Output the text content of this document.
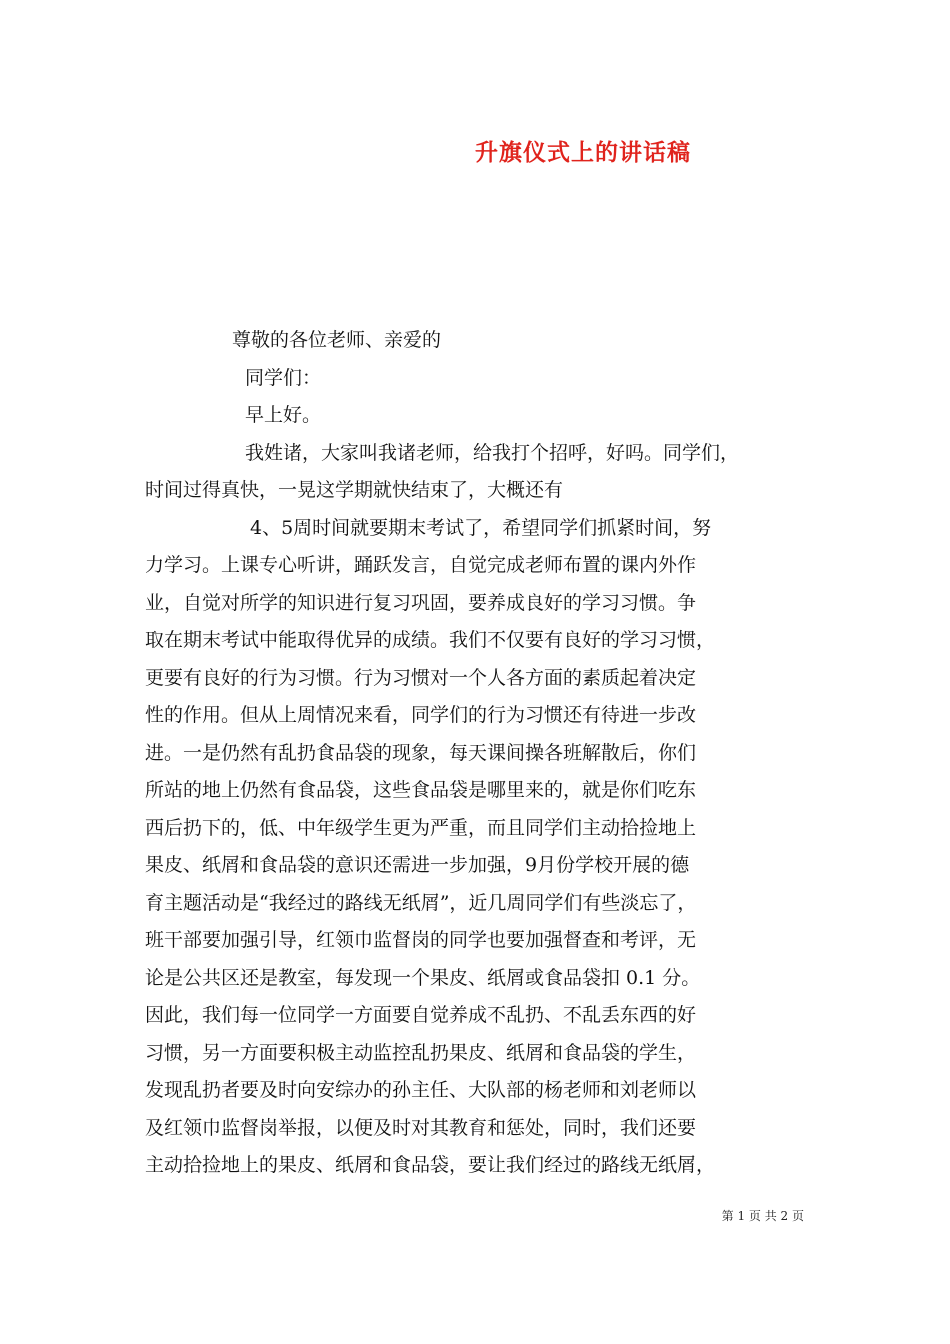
升旗仪式上的讲话稿
尊敬的各位老师、亲爱的
同学们：
早上好。
我姓诸，大家叫我诸老师，给我打个招呼，好吗。同学们，
时间过得真快，一晃这学期就快结束了，大概还有
4、5周时间就要期末考试了，希望同学们抓紧时间，努
力学习。上课专心听讲，踊跃发言，自觉完成老师布置的课内外作
业，自觉对所学的知识进行复习巩固，要养成良好的学习习惯。争
取在期末考试中能取得优异的成绩。我们不仅要有良好的学习习惯，
更要有良好的行为习惯。行为习惯对一个人各方面的素质起着决定
性的作用。但从上周情况来看，同学们的行为习惯还有待进一步改
进。一是仍然有乱扔食品袋的现象，每天课间操各班解散后，你们
所站的地上仍然有食品袋，这些食品袋是哪里来的，就是你们吃东
西后扔下的，低、中年级学生更为严重，而且同学们主动拾捡地上
果皮、纸屑和食品袋的意识还需进一步加强，9月份学校开展的德
育主题活动是“我经过的路线无纸屑”，近几周同学们有些淡忘了，
班干部要加强引导，红领巾监督岗的同学也要加强督查和考评，无
论是公共区还是教室，每发现一个果皮、纸屑或食品袋扣 0.1 分。
因此，我们每一位同学一方面要自觉养成不乱扔、不乱丢东西的好
习惯，另一方面要积极主动监控乱扔果皮、纸屑和食品袋的学生，
发现乱扔者要及时向安综办的孙主任、大队部的杨老师和刘老师以
及红领巾监督岗举报，以便及时对其教育和惩处，同时，我们还要
主动拾捡地上的果皮、纸屑和食品袋，要让我们经过的路线无纸屑，
第 1 页 共 2 页
